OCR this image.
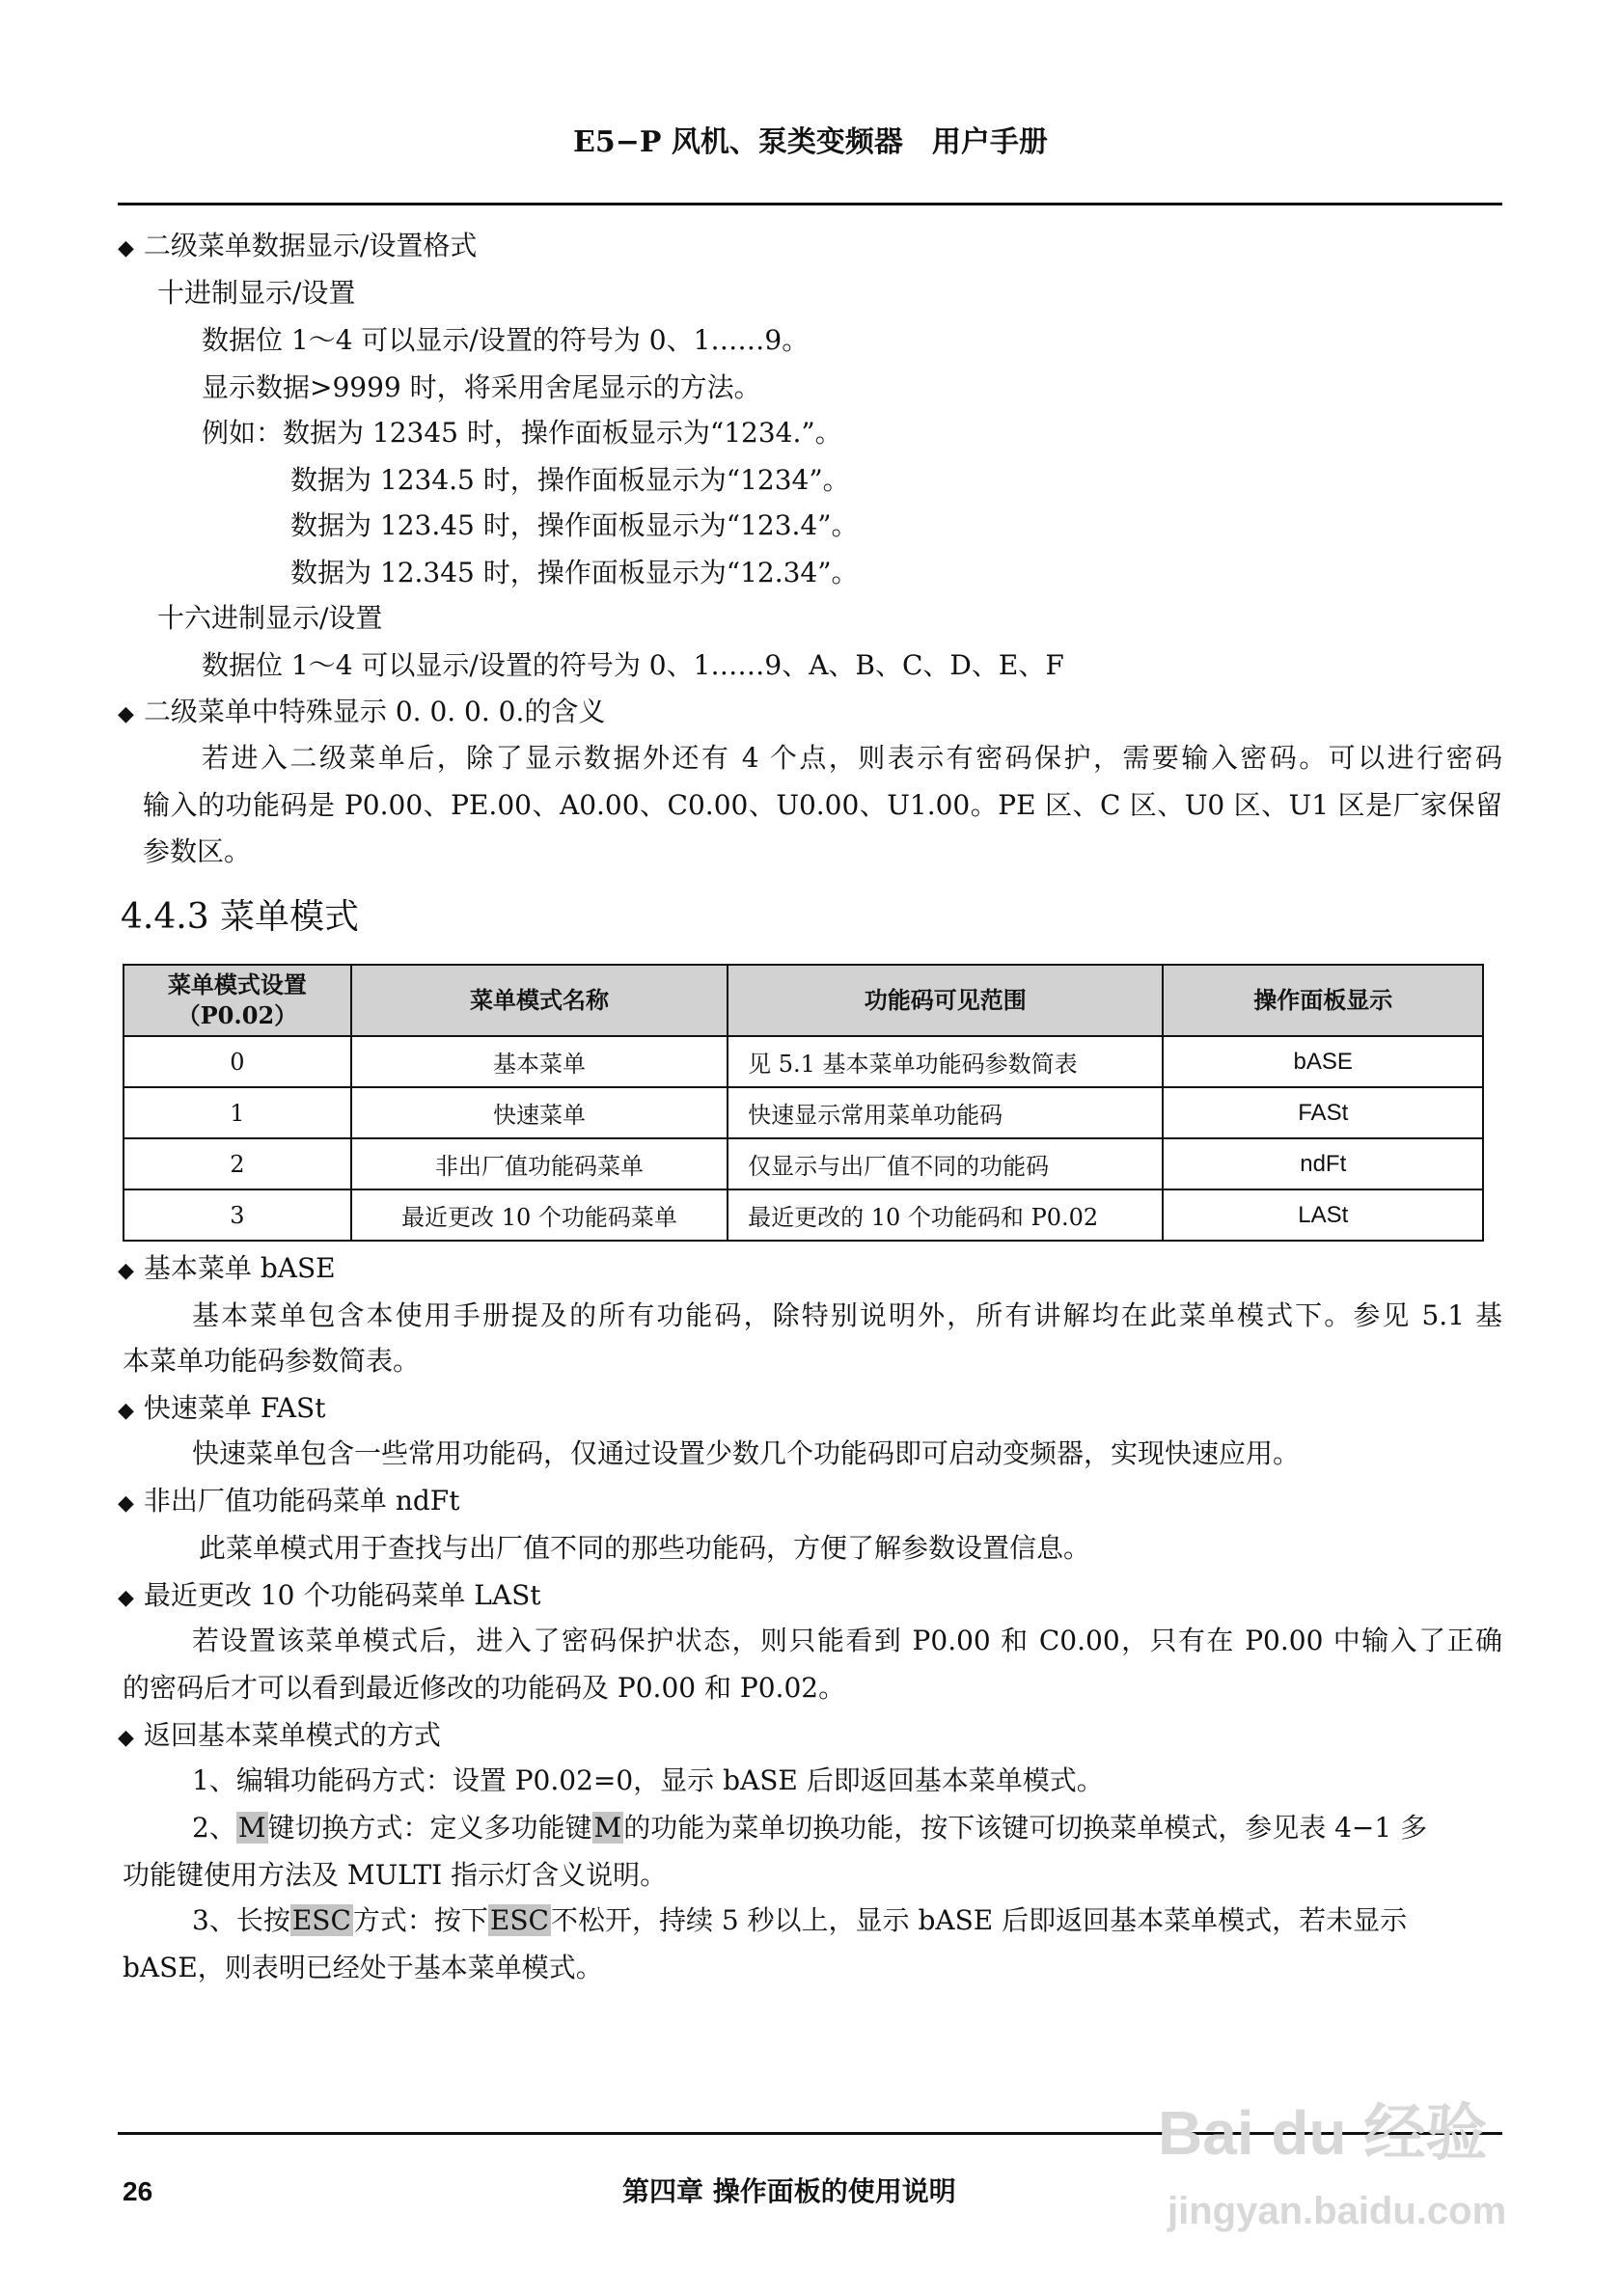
E5−P 风机、泵类变频器　用户手册
◆ 二级菜单数据显示/设置格式
十进制显示/设置
数据位 1～4 可以显示/设置的符号为 0、1……9。
显示数据>9999 时，将采用舍尾显示的方法。
例如：数据为 12345 时，操作面板显示为“1234.”。
数据为 1234.5 时，操作面板显示为“1234”。
数据为 123.45 时，操作面板显示为“123.4”。
数据为 12.345 时，操作面板显示为“12.34”。
十六进制显示/设置
数据位 1～4 可以显示/设置的符号为 0、1……9、A、B、C、D、E、F
◆ 二级菜单中特殊显示 0. 0. 0. 0.的含义
若进入二级菜单后，除了显示数据外还有 4 个点，则表示有密码保护，需要输入密码。可以进行密码
输入的功能码是 P0.00、PE.00、A0.00、C0.00、U0.00、U1.00。PE 区、C 区、U0 区、U1 区是厂家保留
参数区。
4.4.3 菜单模式
菜单模式设置
（P0.02）	菜单模式名称	功能码可见范围	操作面板显示
0	基本菜单	见 5.1 基本菜单功能码参数简表	bASE
1	快速菜单	快速显示常用菜单功能码	FASt
2	非出厂值功能码菜单	仅显示与出厂值不同的功能码	ndFt
3	最近更改 10 个功能码菜单	最近更改的 10 个功能码和 P0.02	LASt
◆ 基本菜单 bASE
基本菜单包含本使用手册提及的所有功能码，除特别说明外，所有讲解均在此菜单模式下。参见 5.1 基
本菜单功能码参数简表。
◆ 快速菜单 FASt
快速菜单包含一些常用功能码，仅通过设置少数几个功能码即可启动变频器，实现快速应用。
◆ 非出厂值功能码菜单 ndFt
此菜单模式用于查找与出厂值不同的那些功能码，方便了解参数设置信息。
◆ 最近更改 10 个功能码菜单 LASt
若设置该菜单模式后，进入了密码保护状态，则只能看到 P0.00 和 C0.00，只有在 P0.00 中输入了正确
的密码后才可以看到最近修改的功能码及 P0.00 和 P0.02。
◆ 返回基本菜单模式的方式
1、编辑功能码方式：设置 P0.02=0，显示 bASE 后即返回基本菜单模式。
2、M键切换方式：定义多功能键M的功能为菜单切换功能，按下该键可切换菜单模式，参见表 4−1 多
功能键使用方法及 MULTI 指示灯含义说明。
3、长按ESC方式：按下ESC不松开，持续 5 秒以上，显示 bASE 后即返回基本菜单模式，若未显示
bASE，则表明已经处于基本菜单模式。
26	第四章 操作面板的使用说明
Bai du 经验
jingyan.baidu.com
